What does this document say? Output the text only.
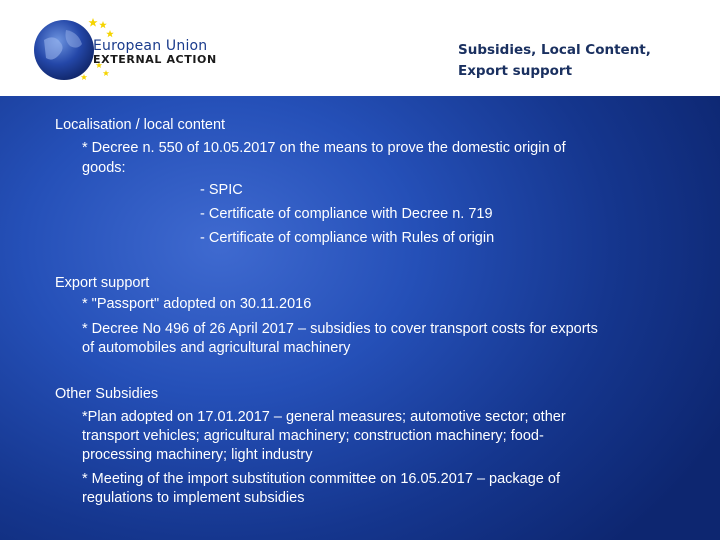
European Union
EXTERNAL ACTION
Subsidies, Local Content,
Export support
Localisation / local content
* Decree n. 550 of 10.05.2017 on the means to prove the domestic origin of
goods:
- SPIC
- Certificate of compliance with Decree n. 719
- Certificate of compliance with Rules of origin
Export support
* "Passport" adopted on 30.11.2016
* Decree No 496 of 26 April 2017 – subsidies to cover transport costs for exports
of automobiles and agricultural machinery
Other Subsidies
*Plan adopted on 17.01.2017 – general measures; automotive sector; other
transport vehicles; agricultural machinery; construction machinery; food-
processing machinery; light industry
* Meeting of the import substitution committee on 16.05.2017 – package of
regulations to implement subsidies
